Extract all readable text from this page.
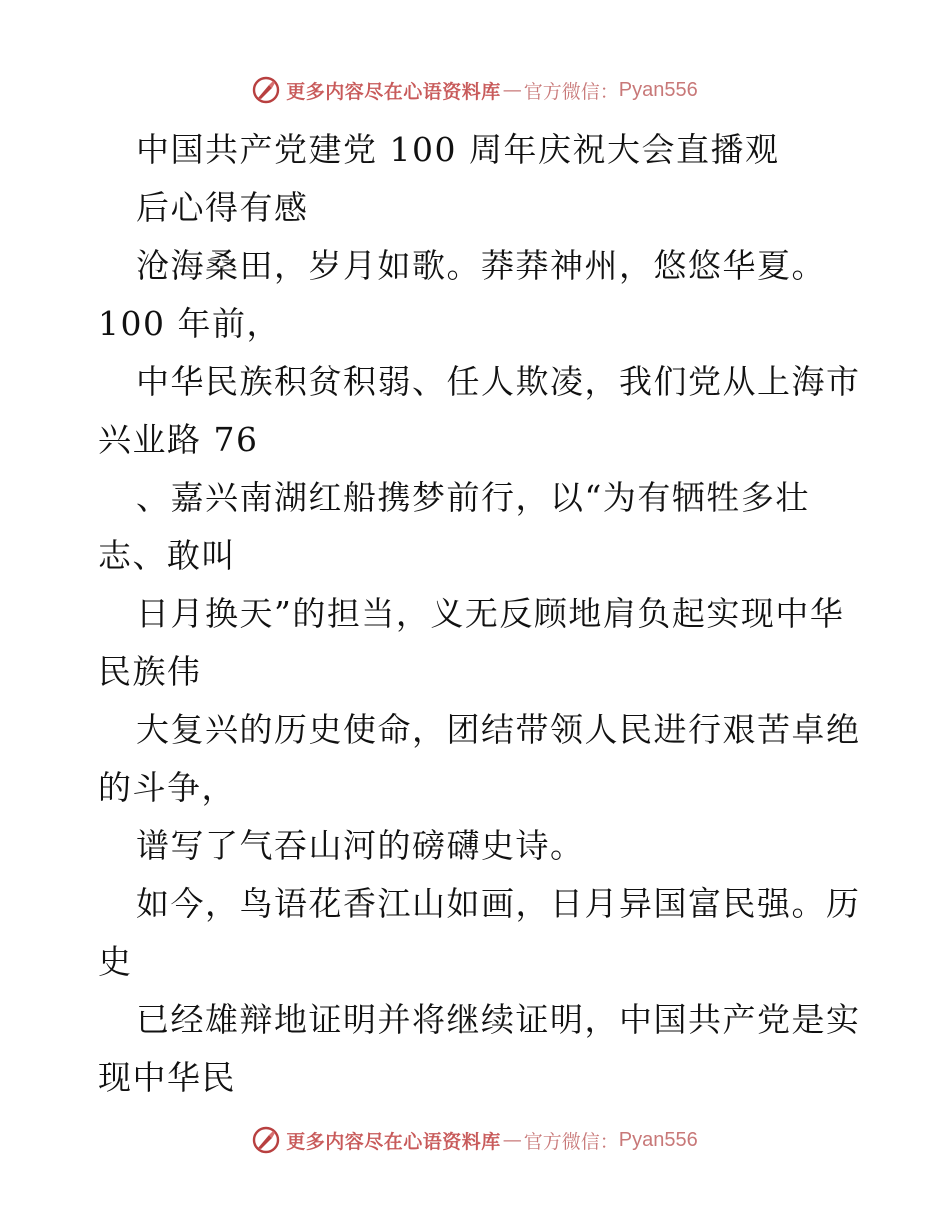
更多内容尽在心语资料库 — 官方微信： Pyan556
中国共产党建党 100 周年庆祝大会直播观
后心得有感
沧海桑田，岁月如歌。莽莽神州，悠悠华夏。
100 年前，
中华民族积贫积弱、任人欺凌，我们党从上海市
兴业路 76
、嘉兴南湖红船携梦前行，以“为有牺牲多壮
志、敢叫
日月换天”的担当，义无反顾地肩负起实现中华
民族伟
大复兴的历史使命，团结带领人民进行艰苦卓绝
的斗争，
谱写了气吞山河的磅礴史诗。
如今，鸟语花香江山如画，日月异国富民强。历
史
已经雄辩地证明并将继续证明，中国共产党是实
现中华民
更多内容尽在心语资料库 — 官方微信： Pyan556
